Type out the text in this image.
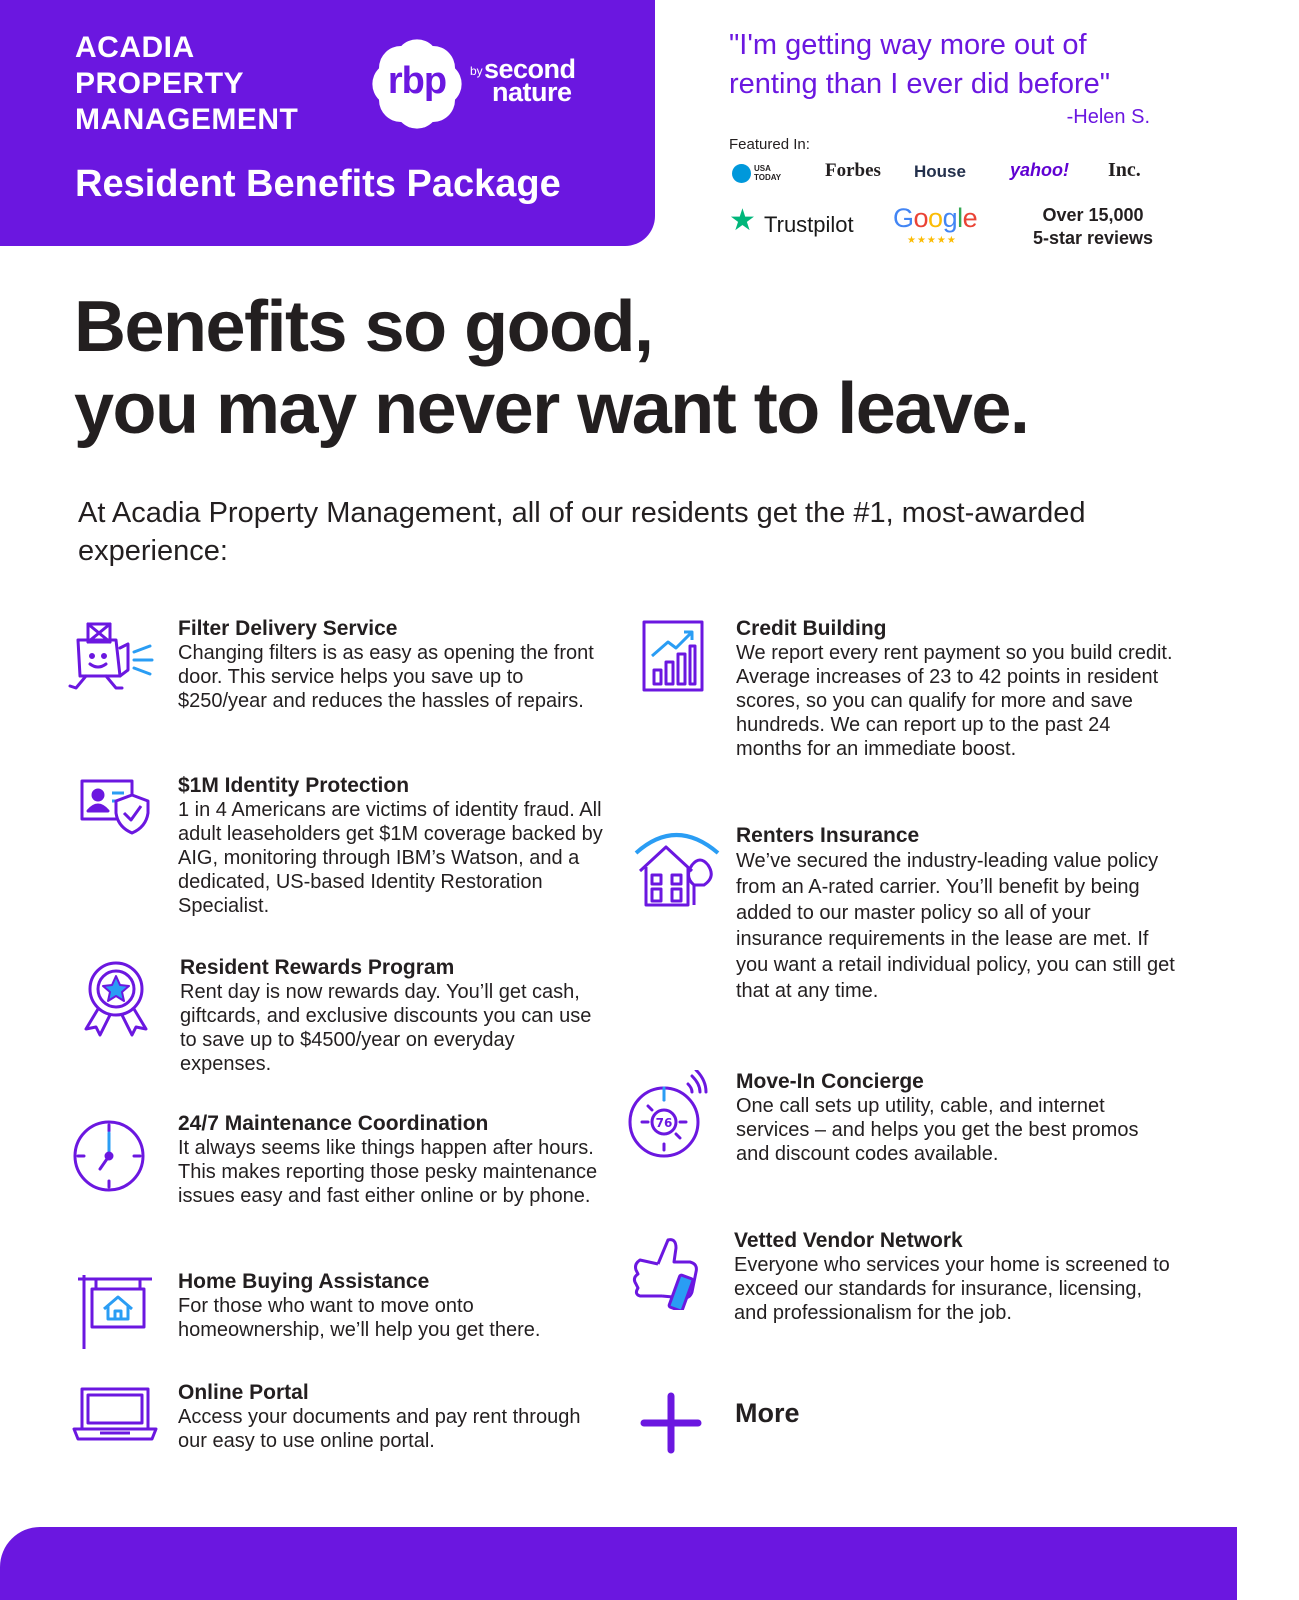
ACADIA
PROPERTY
MANAGEMENT
rbp	by second
nature
Resident Benefits Package
"I'm getting way more out of renting than I ever did before"
-Helen S.
Featured In:
USA TODAY	Forbes House yahoo! Inc.
★ Trustpilot Google
★★★★★
Over 15,000
5-star reviews
Benefits so good,
you may never want to leave.
At Acadia Property Management, all of our residents get the #1, most-awarded experience:
Filter Delivery Service
Changing filters is as easy as opening the front door. This service helps you save up to $250/year and reduces the hassles of repairs.
$1M Identity Protection
1 in 4 Americans are victims of identity fraud. All adult leaseholders get $1M coverage backed by AIG, monitoring through IBM’s Watson, and a dedicated, US-based Identity Restoration Specialist.
Resident Rewards Program
Rent day is now rewards day. You’ll get cash, giftcards, and exclusive discounts you can use to save up to $4500/year on everyday expenses.
24/7 Maintenance Coordination
It always seems like things happen after hours. This makes reporting those pesky maintenance issues easy and fast either online or by phone.
Home Buying Assistance
For those who want to move onto homeownership, we’ll help you get there.
Online Portal
Access your documents and pay rent through our easy to use online portal.
76
Credit Building
We report every rent payment so you build credit. Average increases of 23 to 42 points in resident scores, so you can qualify for more and save hundreds. We can report up to the past 24 months for an immediate boost.
Renters Insurance
We’ve secured the industry-leading value policy from an A-rated carrier. You’ll benefit by being added to our master policy so all of your insurance requirements in the lease are met. If you want a retail individual policy, you can still get that at any time.
Move-In Concierge
One call sets up utility, cable, and internet services – and helps you get the best promos and discount codes available.
Vetted Vendor Network
Everyone who services your home is screened to exceed our standards for insurance, licensing, and professionalism for the job.
More
